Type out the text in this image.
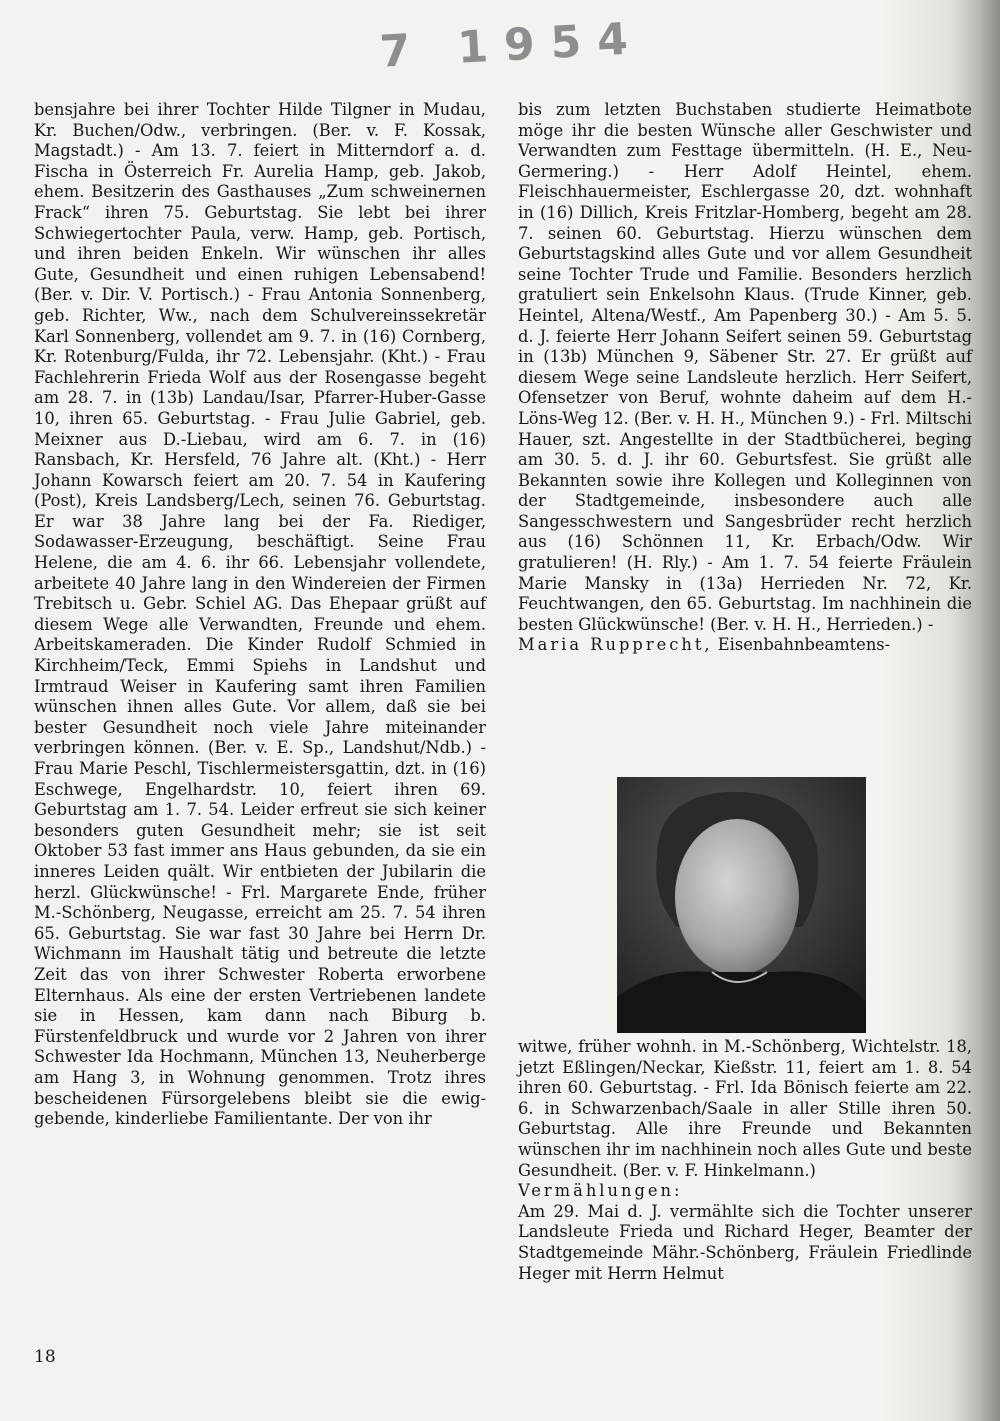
7 1954

bensjahre bei ihrer Tochter Hilde Tilgner in Mudau, Kr. Buchen/Odw., verbringen. (Ber. v. F. Kossak, Magstadt.) - Am 13. 7. feiert in Mitterndorf a. d. Fischa in Österreich Fr. Aurelia Hamp, geb. Jakob, ehem. Besitzerin des Gasthauses „Zum schweinernen Frack“ ihren 75. Geburtstag. Sie lebt bei ihrer Schwiegertochter Paula, verw. Hamp, geb. Portisch, und ihren beiden Enkeln. Wir wünschen ihr alles Gute, Gesundheit und einen ruhigen Lebensabend! (Ber. v. Dir. V. Portisch.) - Frau Antonia Sonnenberg, geb. Richter, Ww., nach dem Schulvereinssekretär Karl Sonnenberg, vollendet am 9. 7. in (16) Cornberg, Kr. Rotenburg/Fulda, ihr 72. Lebensjahr. (Kht.) - Frau Fachlehrerin Frieda Wolf aus der Rosengasse begeht am 28. 7. in (13b) Landau/Isar, Pfarrer-Huber-Gasse 10, ihren 65. Geburtstag. - Frau Julie Gabriel, geb. Meixner aus D.-Liebau, wird am 6. 7. in (16) Ransbach, Kr. Hersfeld, 76 Jahre alt. (Kht.) - Herr Johann Kowarsch feiert am 20. 7. 54 in Kaufering (Post), Kreis Landsberg/Lech, seinen 76. Geburtstag. Er war 38 Jahre lang bei der Fa. Riediger, Sodawasser-Erzeugung, beschäftigt. Seine Frau Helene, die am 4. 6. ihr 66. Lebensjahr vollendete, arbeitete 40 Jahre lang in den Windereien der Firmen Trebitsch u. Gebr. Schiel AG. Das Ehepaar grüßt auf diesem Wege alle Verwandten, Freunde und ehem. Arbeitskameraden. Die Kinder Rudolf Schmied in Kirchheim/Teck, Emmi Spiehs in Landshut und Irmtraud Weiser in Kaufering samt ihren Familien wünschen ihnen alles Gute. Vor allem, daß sie bei bester Gesundheit noch viele Jahre miteinander verbringen können. (Ber. v. E. Sp., Landshut/Ndb.) - Frau Marie Peschl, Tischlermeistersgattin, dzt. in (16) Eschwege, Engelhardstr. 10, feiert ihren 69. Geburtstag am 1. 7. 54. Leider erfreut sie sich keiner besonders guten Gesundheit mehr; sie ist seit Oktober 53 fast immer ans Haus gebunden, da sie ein inneres Leiden quält. Wir entbieten der Jubilarin die herzl. Glückwünsche! - Frl. Margarete Ende, früher M.-Schönberg, Neugasse, erreicht am 25. 7. 54 ihren 65. Geburtstag. Sie war fast 30 Jahre bei Herrn Dr. Wichmann im Haushalt tätig und betreute die letzte Zeit das von ihrer Schwester Roberta erworbene Elternhaus. Als eine der ersten Vertriebenen landete sie in Hessen, kam dann nach Biburg b. Fürstenfeldbruck und wurde vor 2 Jahren von ihrer Schwester Ida Hochmann, München 13, Neuherberge am Hang 3, in Wohnung genommen. Trotz ihres bescheidenen Fürsorgelebens bleibt sie die ewig-gebende, kinderliebe Familientante. Der von ihr

bis zum letzten Buchstaben studierte Heimatbote möge ihr die besten Wünsche aller Geschwister und Verwandten zum Festtage übermitteln. (H. E., Neu-Germering.) - Herr Adolf Heintel, ehem. Fleischhauermeister, Eschlergasse 20, dzt. wohnhaft in (16) Dillich, Kreis Fritzlar-Homberg, begeht am 28. 7. seinen 60. Geburtstag. Hierzu wünschen dem Geburtstagskind alles Gute und vor allem Gesundheit seine Tochter Trude und Familie. Besonders herzlich gratuliert sein Enkelsohn Klaus. (Trude Kinner, geb. Heintel, Altena/Westf., Am Papenberg 30.) - Am 5. 5. d. J. feierte Herr Johann Seifert seinen 59. Geburtstag in (13b) München 9, Säbener Str. 27. Er grüßt auf diesem Wege seine Landsleute herzlich. Herr Seifert, Ofensetzer von Beruf, wohnte daheim auf dem H.-Löns-Weg 12. (Ber. v. H. H., München 9.) - Frl. Miltschi Hauer, szt. Angestellte in der Stadtbücherei, beging am 30. 5. d. J. ihr 60. Geburtsfest. Sie grüßt alle Bekannten sowie ihre Kollegen und Kolleginnen von der Stadtgemeinde, insbesondere auch alle Sangesschwestern und Sangesbrüder recht herzlich aus (16) Schönnen 11, Kr. Erbach/Odw. Wir gratulieren! (H. Rly.) - Am 1. 7. 54 feierte Fräulein Marie Mansky in (13a) Herrieden Nr. 72, Kr. Feuchtwangen, den 65. Geburtstag. Im nachhinein die besten Glückwünsche! (Ber. v. H. H., Herrieden.) -

Maria Rupprecht, Eisenbahnbeamtens-

witwe, früher wohnh. in M.-Schönberg, Wichtelstr. 18, jetzt Eßlingen/Neckar, Kießstr. 11, feiert am 1. 8. 54 ihren 60. Geburtstag. - Frl. Ida Bönisch feierte am 22. 6. in Schwarzenbach/Saale in aller Stille ihren 50. Geburtstag. Alle ihre Freunde und Bekannten wünschen ihr im nachhinein noch alles Gute und beste Gesundheit. (Ber. v. F. Hinkelmann.)

Vermählungen:

Am 29. Mai d. J. vermählte sich die Tochter unserer Landsleute Frieda und Richard Heger, Beamter der Stadtgemeinde Mähr.-Schönberg, Fräulein Friedlinde Heger mit Herrn Helmut

18
